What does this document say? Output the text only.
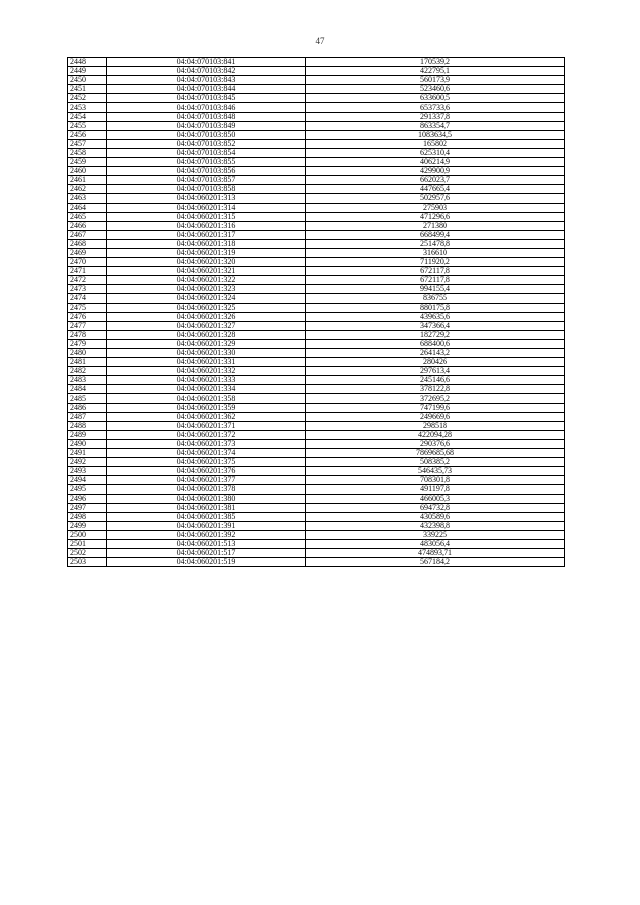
47
2448	04:04:070103:841	170539,2
2449	04:04:070103:842	422795,1
2450	04:04:070103:843	560173,9
2451	04:04:070103:844	523460,6
2452	04:04:070103:845	633600,5
2453	04:04:070103:846	653733,6
2454	04:04:070103:848	291337,8
2455	04:04:070103:849	863354,7
2456	04:04:070103:850	1083634,5
2457	04:04:070103:852	165802
2458	04:04:070103:854	625310,4
2459	04:04:070103:855	406214,9
2460	04:04:070103:856	429900,9
2461	04:04:070103:857	662023,7
2462	04:04:070103:858	447665,4
2463	04:04:060201:313	502957,6
2464	04:04:060201:314	275903
2465	04:04:060201:315	471296,6
2466	04:04:060201:316	271380
2467	04:04:060201:317	668499,4
2468	04:04:060201:318	251478,8
2469	04:04:060201:319	316610
2470	04:04:060201:320	711920,2
2471	04:04:060201:321	672117,8
2472	04:04:060201:322	672117,8
2473	04:04:060201:323	994155,4
2474	04:04:060201:324	836755
2475	04:04:060201:325	880175,8
2476	04:04:060201:326	439635,6
2477	04:04:060201:327	347366,4
2478	04:04:060201:328	182729,2
2479	04:04:060201:329	688400,6
2480	04:04:060201:330	264143,2
2481	04:04:060201:331	280426
2482	04:04:060201:332	297613,4
2483	04:04:060201:333	245146,6
2484	04:04:060201:334	378122,8
2485	04:04:060201:358	372695,2
2486	04:04:060201:359	747199,6
2487	04:04:060201:362	249669,6
2488	04:04:060201:371	298518
2489	04:04:060201:372	422094,28
2490	04:04:060201:373	290376,6
2491	04:04:060201:374	7869685,68
2492	04:04:060201:375	508385,2
2493	04:04:060201:376	546435,73
2494	04:04:060201:377	708301,8
2495	04:04:060201:378	491197,8
2496	04:04:060201:380	466005,3
2497	04:04:060201:381	694732,8
2498	04:04:060201:385	430589,6
2499	04:04:060201:391	432398,8
2500	04:04:060201:392	339225
2501	04:04:060201:513	483056,4
2502	04:04:060201:517	474893,71
2503	04:04:060201:519	567184,2
